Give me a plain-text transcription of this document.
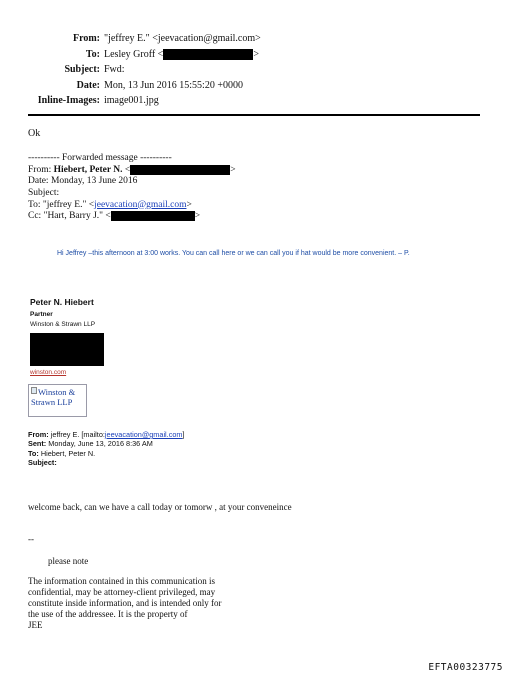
From: "jeffrey E." <jeevacation@gmail.com>
To: Lesley Groff <	>
Subject: Fwd:
Date: Mon, 13 Jun 2016 15:55:20 +0000
Inline-Images: image001.jpg
Ok
---------- Forwarded message ----------
From: Hiebert, Peter N. <	>
Date: Monday, 13 June 2016
Subject:
To: "jeffrey E." <jeevacation@gmail.com>
Cc: "Hart, Barry J." <	>
Hi Jeffrey –this afternoon at 3:00 works. You can call here or we can call you if hat would be more convenient. – P.
Peter N. Hiebert
Partner
Winston & Strawn LLP
winston.com
Winston &
Strawn LLP
From: jeffrey E. [mailto:jeevacation@gmail.com]
Sent: Monday, June 13, 2016 8:36 AM
To: Hiebert, Peter N.
Subject:
welcome back, can we have a call today or tomorw , at your conveneince
--
please note
The information contained in this communication is
confidential, may be attorney-client privileged, may
constitute inside information, and is intended only for
the use of the addressee. It is the property of
JEE
EFTA00323775
